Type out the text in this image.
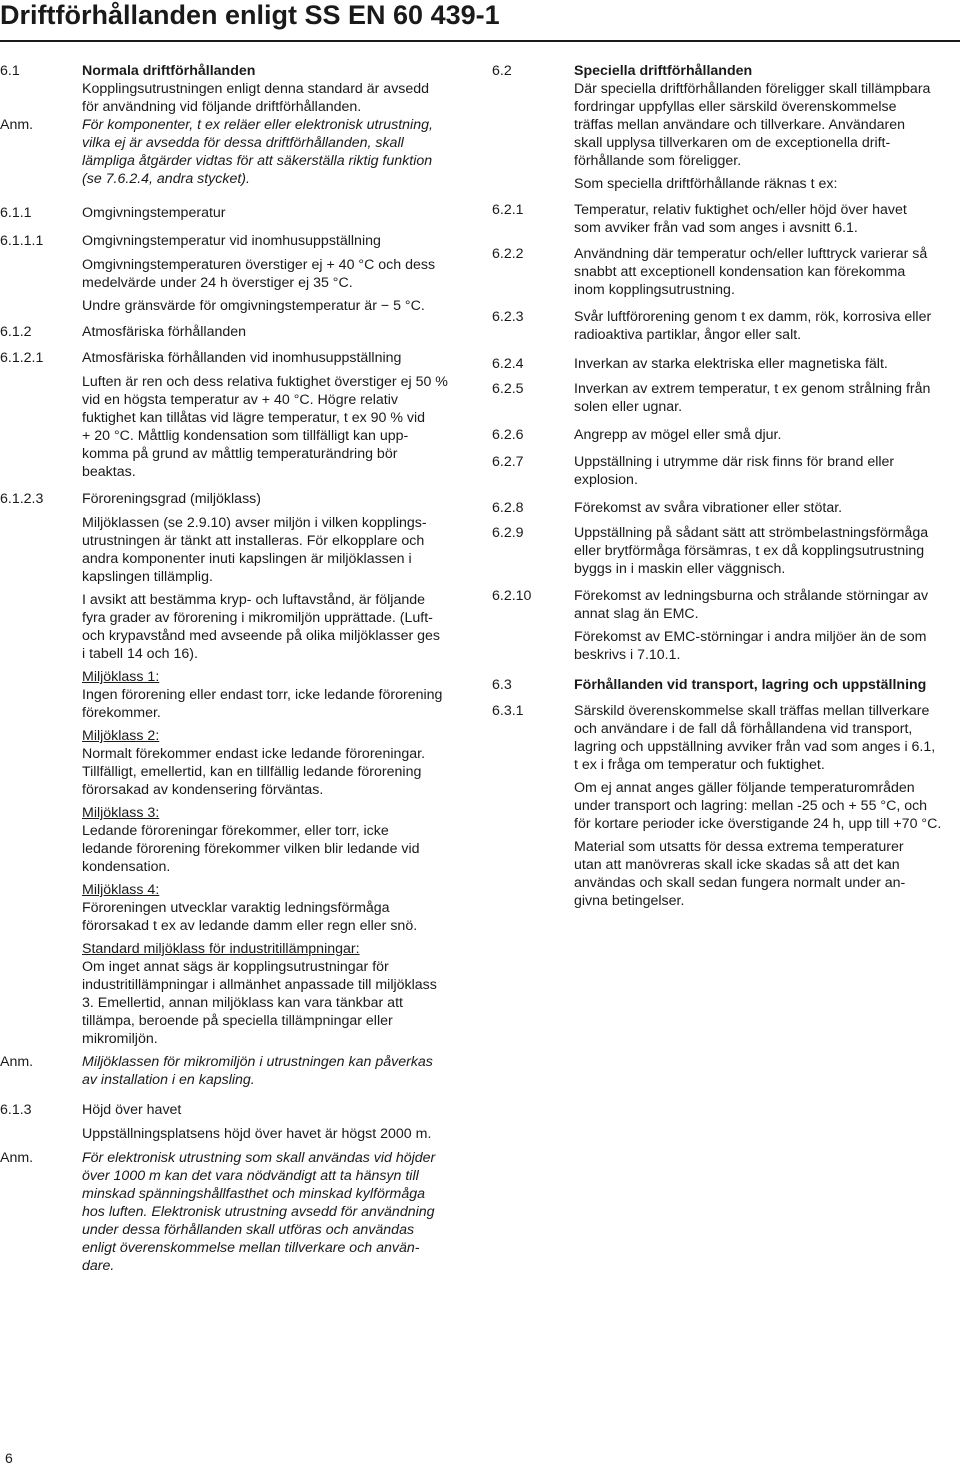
Driftförhållanden enligt SS EN 60 439-1
6.1	Normala driftförhållanden
Kopplingsutrustningen enligt denna standard är avsedd
för användning vid följande driftförhållanden.
Anm.	För komponenter, t ex reläer eller elektronisk utrustning,
vilka ej är avsedda för dessa driftförhållanden, skall
lämpliga åtgärder vidtas för att säkerställa riktig funktion
(se 7.6.2.4, andra stycket).
6.1.1	Omgivningstemperatur
6.1.1.1	Omgivningstemperatur vid inomhusuppställning
Omgivningstemperaturen överstiger ej + 40 °C och dess
medelvärde under 24 h överstiger ej 35 °C.
Undre gränsvärde för omgivningstemperatur är − 5 °C.
6.1.2	Atmosfäriska förhållanden
6.1.2.1	Atmosfäriska förhållanden vid inomhusuppställning
Luften är ren och dess relativa fuktighet överstiger ej 50 %
vid en högsta temperatur av + 40 °C. Högre relativ
fuktighet kan tillåtas vid lägre temperatur, t ex 90 % vid
+ 20 °C. Måttlig kondensation som tillfälligt kan upp-
komma på grund av måttlig temperaturändring bör
beaktas.
6.1.2.3	Föroreningsgrad (miljöklass)
Miljöklassen (se 2.9.10) avser miljön i vilken kopplings-
utrustningen är tänkt att installeras. För elkopplare och
andra komponenter inuti kapslingen är miljöklassen i
kapslingen tillämplig.
I avsikt att bestämma kryp- och luftavstånd, är följande
fyra grader av förorening i mikromiljön upprättade. (Luft-
och krypavstånd med avseende på olika miljöklasser ges
i tabell 14 och 16).
Miljöklass 1:
Ingen förorening eller endast torr, icke ledande förorening
förekommer.
Miljöklass 2:
Normalt förekommer endast icke ledande föroreningar.
Tillfälligt, emellertid, kan en tillfällig ledande förorening
förorsakad av kondensering förväntas.
Miljöklass 3:
Ledande föroreningar förekommer, eller torr, icke
ledande förorening förekommer vilken blir ledande vid
kondensation.
Miljöklass 4:
Föroreningen utvecklar varaktig ledningsförmåga
förorsakad t ex av ledande damm eller regn eller snö.
Standard miljöklass för industritillämpningar:
Om inget annat sägs är kopplingsutrustningar för
industritillämpningar i allmänhet anpassade till miljöklass
3. Emellertid, annan miljöklass kan vara tänkbar att
tillämpa, beroende på speciella tillämpningar eller
mikromiljön.
Anm.	Miljöklassen för mikromiljön i utrustningen kan påverkas
av installation i en kapsling.
6.1.3	Höjd över havet
Uppställningsplatsens höjd över havet är högst 2000 m.
Anm.	För elektronisk utrustning som skall användas vid höjder
över 1000 m kan det vara nödvändigt att ta hänsyn till
minskad spänningshållfasthet och minskad kylförmåga
hos luften. Elektronisk utrustning avsedd för användning
under dessa förhållanden skall utföras och användas
enligt överenskommelse mellan tillverkare och använ-
dare.
6.2	Speciella driftförhållanden
Där speciella driftförhållanden föreligger skall tillämpbara
fordringar uppfyllas eller särskild överenskommelse
träffas mellan användare och tillverkare. Användaren
skall upplysa tillverkaren om de exceptionella drift-
förhållande som föreligger.
Som speciella driftförhållande räknas t ex:
6.2.1	Temperatur, relativ fuktighet och/eller höjd över havet
som avviker från vad som anges i avsnitt 6.1.
6.2.2	Användning där temperatur och/eller lufttryck varierar så
snabbt att exceptionell kondensation kan förekomma
inom kopplingsutrustning.
6.2.3	Svår luftförorening genom t ex damm, rök, korrosiva eller
radioaktiva partiklar, ångor eller salt.
6.2.4	Inverkan av starka elektriska eller magnetiska fält.
6.2.5	Inverkan av extrem temperatur, t ex genom strålning från
solen eller ugnar.
6.2.6	Angrepp av mögel eller små djur.
6.2.7	Uppställning i utrymme där risk finns för brand eller
explosion.
6.2.8	Förekomst av svåra vibrationer eller stötar.
6.2.9	Uppställning på sådant sätt att strömbelastningsförmåga
eller brytförmåga försämras, t ex då kopplingsutrustning
byggs in i maskin eller väggnisch.
6.2.10	Förekomst av ledningsburna och strålande störningar av
annat slag än EMC.
Förekomst av EMC-störningar i andra miljöer än de som
beskrivs i 7.10.1.
6.3	Förhållanden vid transport, lagring och uppställning
6.3.1	Särskild överenskommelse skall träffas mellan tillverkare
och användare i de fall då förhållandena vid transport,
lagring och uppställning avviker från vad som anges i 6.1,
t ex i fråga om temperatur och fuktighet.
Om ej annat anges gäller följande temperaturområden
under transport och lagring: mellan -25 och + 55 °C, och
för kortare perioder icke överstigande 24 h, upp till +70 °C.
Material som utsatts för dessa extrema temperaturer
utan att manövreras skall icke skadas så att det kan
användas och skall sedan fungera normalt under an-
givna betingelser.
6
